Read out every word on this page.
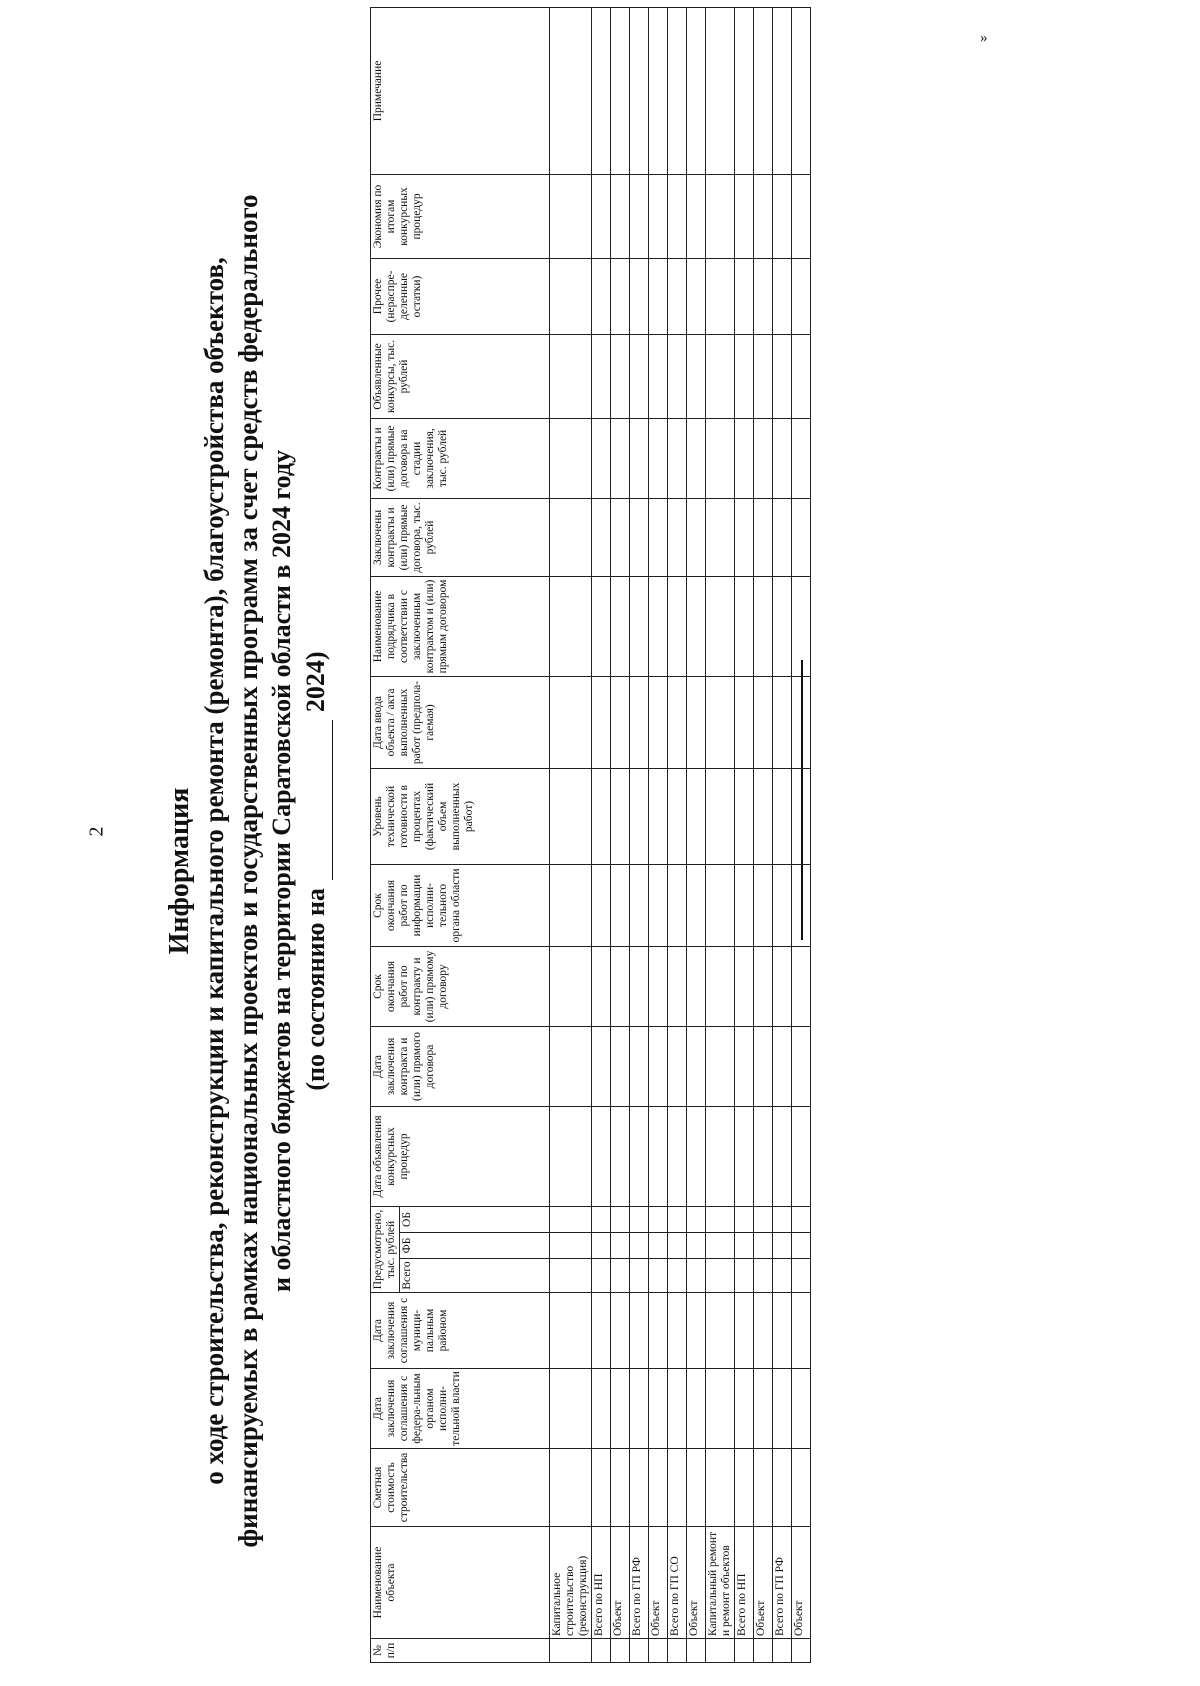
2
»
Информация о ходе строительства, реконструкции и капитального ремонта (ремонта), благоустройства объектов, финансируемых в рамках национальных проектов и государственных программ за счет средств федерального и областного бюджетов на территории Саратовской области в 2024 году (по состоянию на2024)
№ п/п	Наименование объекта	Сметная стоимость строительства	Дата заключения соглашения с федера-льным органом исполни-тельной власти	Дата заключения соглашения с муници-пальным районом	Предусмотрено, тыс. рублей			Дата объявления конкурсных процедур	Дата заключения контракта и (или) прямого договора	Срок окончания работ по контракту и (или) прямому договору	Срок окончания работ по информации исполни-тельного органа области	Уровень технической готовности в процентах (фактический объем выполненных работ)	Дата ввода объекта / акта выполненных работ (предпола-гаемая)	Наименование подрядчика в соответствии с заключенным контрактом и (или) прямым договором	Заключены контракты и (или) прямые договора, тыс. рублей	Контракты и (или) прямые договора на стадии заключения, тыс. рублей	Объявленные конкурсы, тыс. рублей	Прочее (нераспре-деленные остатки)	Экономия по итогам конкурсных процедур	Примечание
					Всего	ФБ	ОБ													
	Капитальное строительство (реконструкция)																			
	Всего по НП																			
	Объект																			
	Всего по ГП РФ																			
	Объект																			
	Всего по ГП СО																			
	Объект																			
	Капитальный ремонт и ремонт объектов																			
	Всего по НП																			
	Объект																			
	Всего по ГП РФ																			
	Объект																			
